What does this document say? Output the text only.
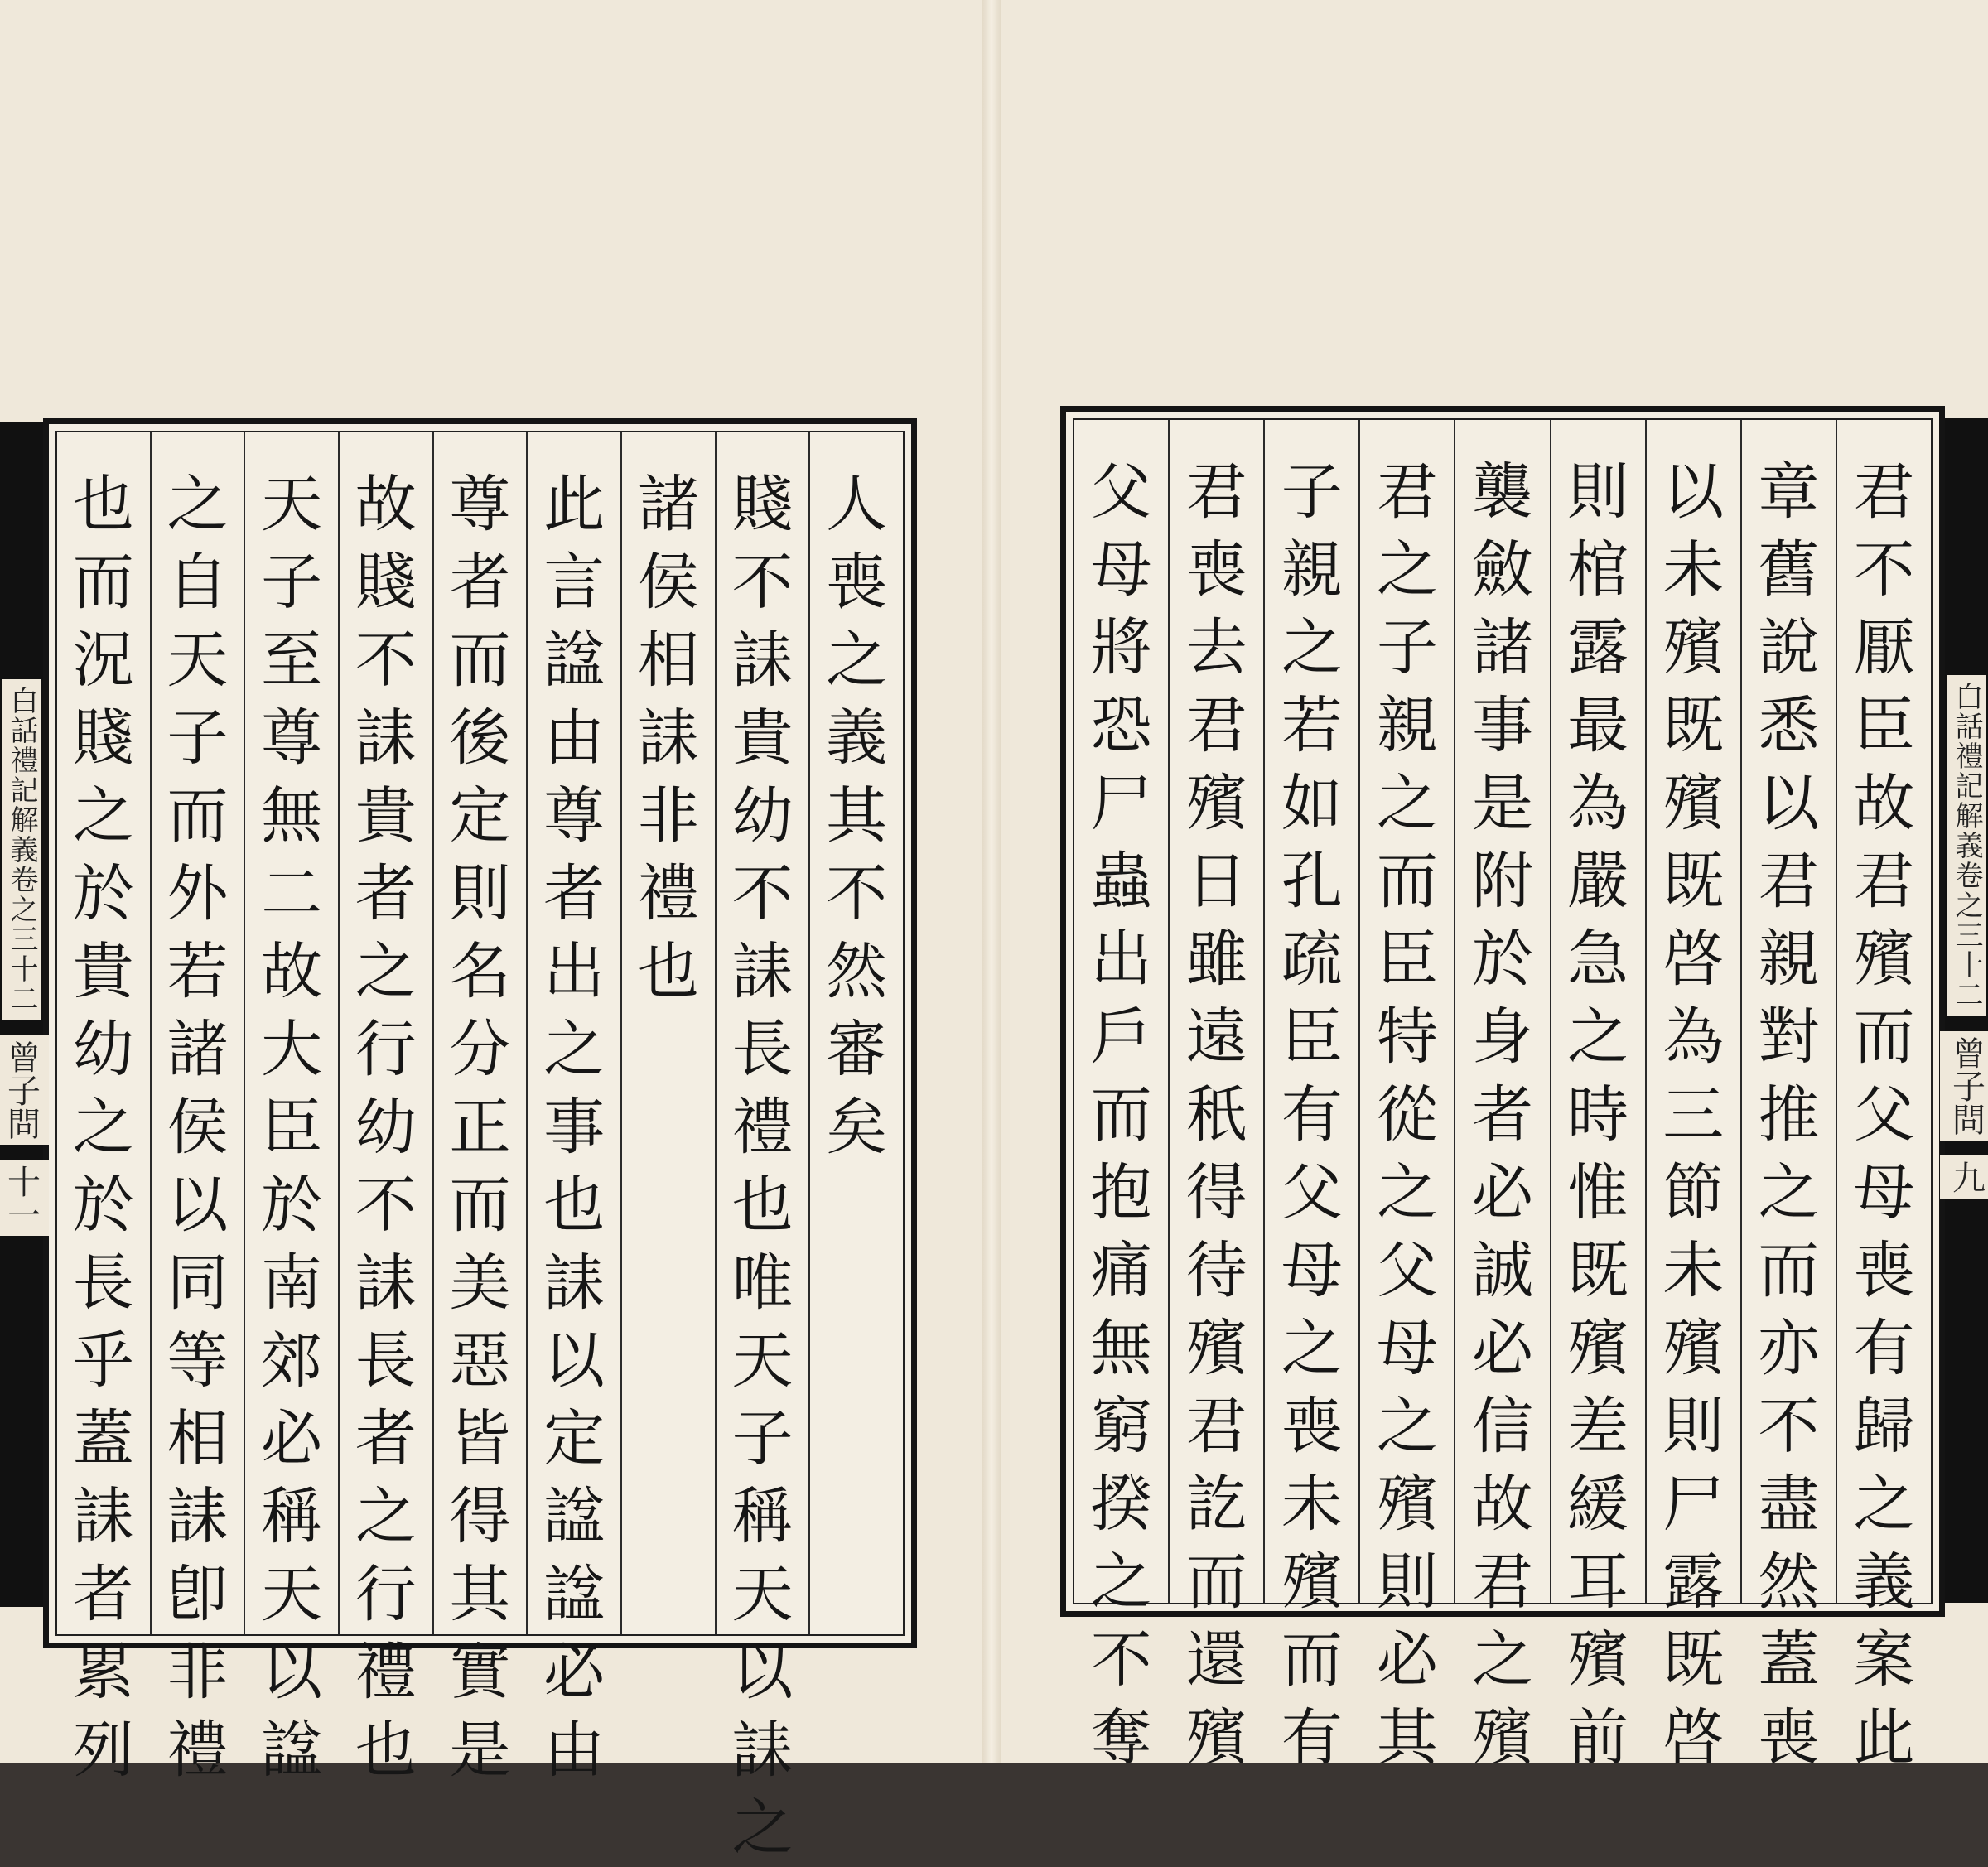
人
喪
之
義
其
不
然
審
矣
賤
不
誄
貴
幼
不
誄
長
禮
也
唯
天
子
稱
天
以
誄
之
諸
侯
相
誄
非
禮
也
此
言
諡
由
尊
者
出
之
事
也
誄
以
定
諡
諡
必
由
尊
者
而
後
定
則
名
分
正
而
美
惡
皆
得
其
實
是
故
賤
不
誄
貴
者
之
行
幼
不
誄
長
者
之
行
禮
也
天
子
至
尊
無
二
故
大
臣
於
南
郊
必
稱
天
以
諡
之
自
天
子
而
外
若
諸
侯
以
同
等
相
誄
卽
非
禮
也
而
況
賤
之
於
貴
幼
之
於
長
乎
蓋
誄
者
累
列
白話禮記解義卷之三十二
曾子問
十一
君
不
厭
臣
故
君
殯
而
父
母
喪
有
歸
之
義
案
此
章
舊
說
悉
以
君
親
對
推
之
而
亦
不
盡
然
蓋
喪
以
未
殯
既
殯
既
啓
為
三
節
未
殯
則
尸
露
既
啓
則
棺
露
最
為
嚴
急
之
時
惟
既
殯
差
緩
耳
殯
前
襲
斂
諸
事
是
附
於
身
者
必
誠
必
信
故
君
之
殯
君
之
子
親
之
而
臣
特
從
之
父
母
之
殯
則
必
其
子
親
之
若
如
孔
疏
臣
有
父
母
之
喪
未
殯
而
有
君
喪
去
君
殯
日
雖
遠
秖
得
待
殯
君
訖
而
還
殯
父
母
將
恐
尸
蟲
出
戶
而
抱
痛
無
窮
揆
之
不
奪
白話禮記解義卷之三十二
曾子問
九
